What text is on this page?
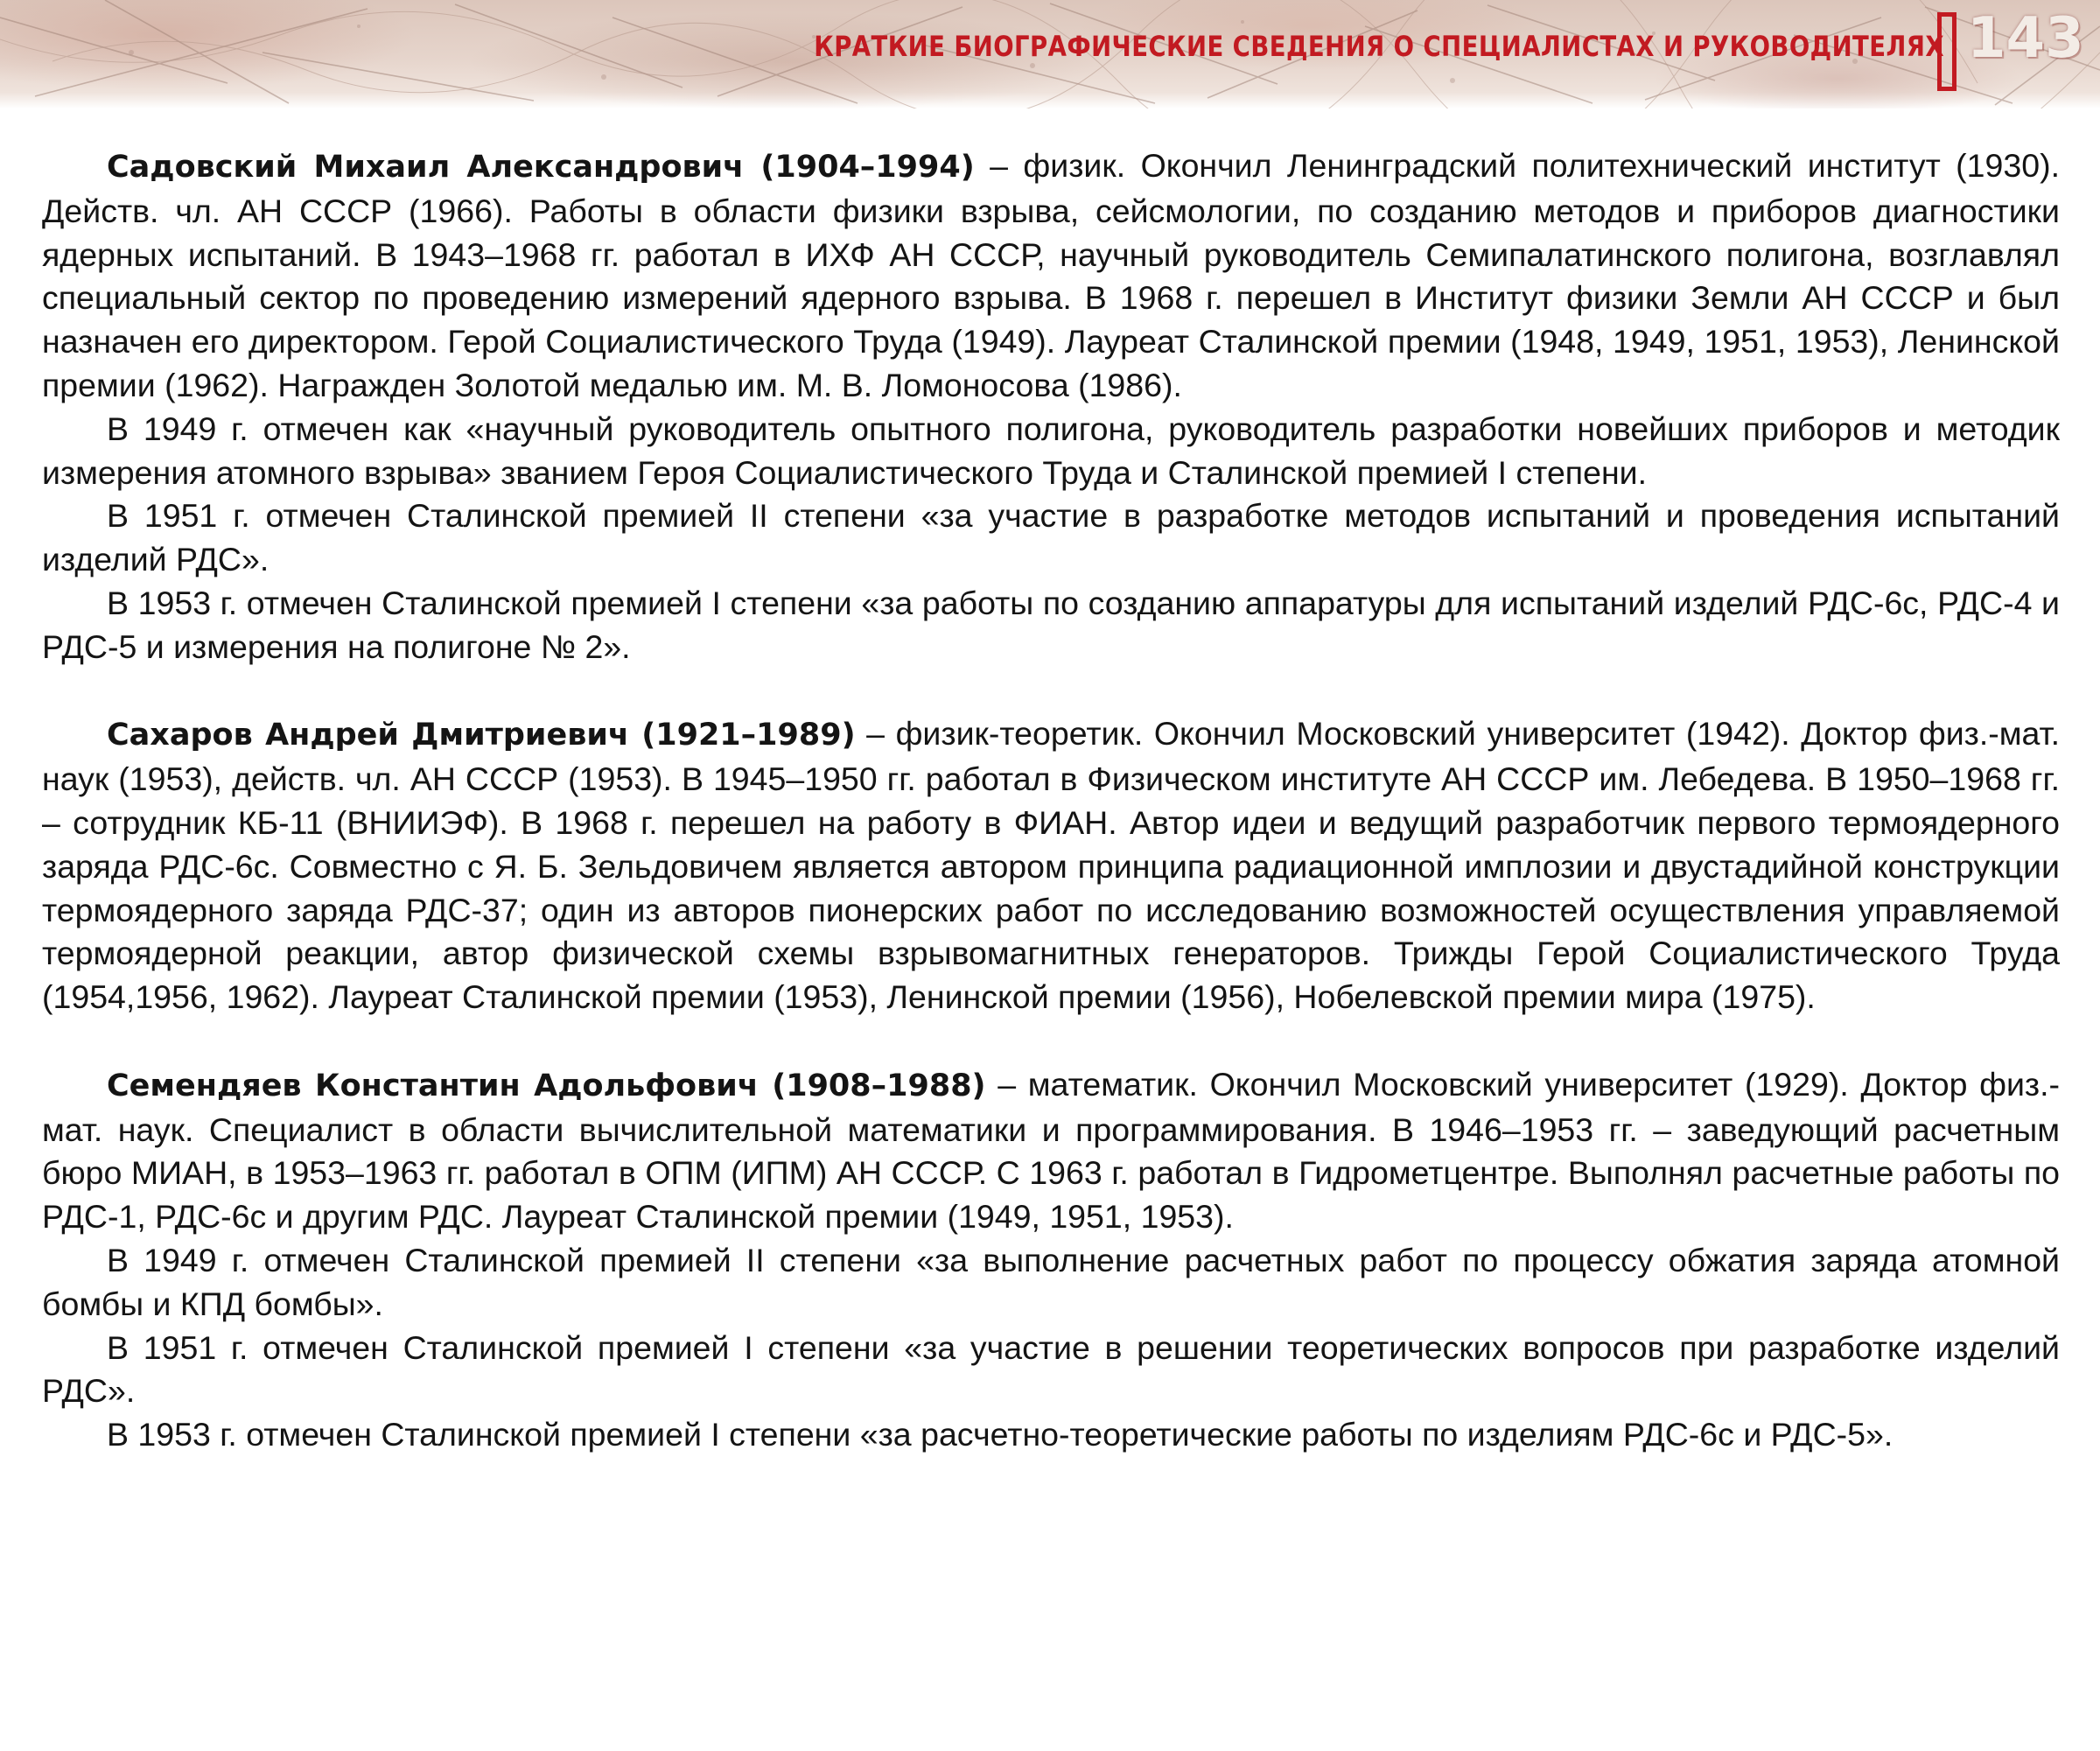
КРАТКИЕ БИОГРАФИЧЕСКИЕ СВЕДЕНИЯ О СПЕЦИАЛИСТАХ И РУКОВОДИТЕЛЯХ 143

Садовский Михаил Александрович (1904–1994) – физик. Окончил Ленинградский политехнический институт (1930). Действ. чл. АН СССР (1966). Работы в области физики взрыва, сейсмологии, по созданию методов и приборов диагностики ядерных испытаний. В 1943–1968 гг. работал в ИХФ АН СССР, научный руководитель Семипалатинского полигона, возглавлял специальный сектор по проведению измерений ядерного взрыва. В 1968 г. перешел в Институт физики Земли АН СССР и был назначен его директором. Герой Социалистического Труда (1949). Лауреат Сталинской премии (1948, 1949, 1951, 1953), Ленинской премии (1962). Награжден Золотой медалью им. М. В. Ломоносова (1986).

В 1949 г. отмечен как «научный руководитель опытного полигона, руководитель разработки новейших приборов и методик измерения атомного взрыва» званием Героя Социалистического Труда и Сталинской премией I степени.

В 1951 г. отмечен Сталинской премией II степени «за участие в разработке методов испытаний и проведения испытаний изделий РДС».

В 1953 г. отмечен Сталинской премией I степени «за работы по созданию аппаратуры для испытаний изделий РДС-6с, РДС-4 и РДС-5 и измерения на полигоне № 2».

Сахаров Андрей Дмитриевич (1921–1989) – физик-теоретик. Окончил Московский университет (1942). Доктор физ.-мат. наук (1953), действ. чл. АН СССР (1953). В 1945–1950 гг. работал в Физическом институте АН СССР им. Лебедева. В 1950–1968 гг. – сотрудник КБ-11 (ВНИИЭФ). В 1968 г. перешел на работу в ФИАН. Автор идеи и ведущий разработчик первого термоядерного заряда РДС-6с. Совместно с Я. Б. Зельдовичем является автором принципа радиационной имплозии и двустадийной конструкции термоядерного заряда РДС-37; один из авторов пионерских работ по исследованию возможностей осуществления управляемой термоядерной реакции, автор физической схемы взрывомагнитных генераторов. Трижды Герой Социалистического Труда (1954,1956, 1962). Лауреат Сталинской премии (1953), Ленинской премии (1956), Нобелевской премии мира (1975).

Семендяев Константин Адольфович (1908–1988) – математик. Окончил Московский университет (1929). Доктор физ.-мат. наук. Специалист в области вычислительной математики и программирования. В 1946–1953 гг. – заведующий расчетным бюро МИАН, в 1953–1963 гг. работал в ОПМ (ИПМ) АН СССР. С 1963 г. работал в Гидрометцентре. Выполнял расчетные работы по РДС-1, РДС-6с и другим РДС. Лауреат Сталинской премии (1949, 1951, 1953).

В 1949 г. отмечен Сталинской премией II степени «за выполнение расчетных работ по процессу обжатия заряда атомной бомбы и КПД бомбы».

В 1951 г. отмечен Сталинской премией I степени «за участие в решении теоретических вопросов при разработке изделий РДС».

В 1953 г. отмечен Сталинской премией I степени «за расчетно-теоретические работы по изделиям РДС-6с и РДС-5».
